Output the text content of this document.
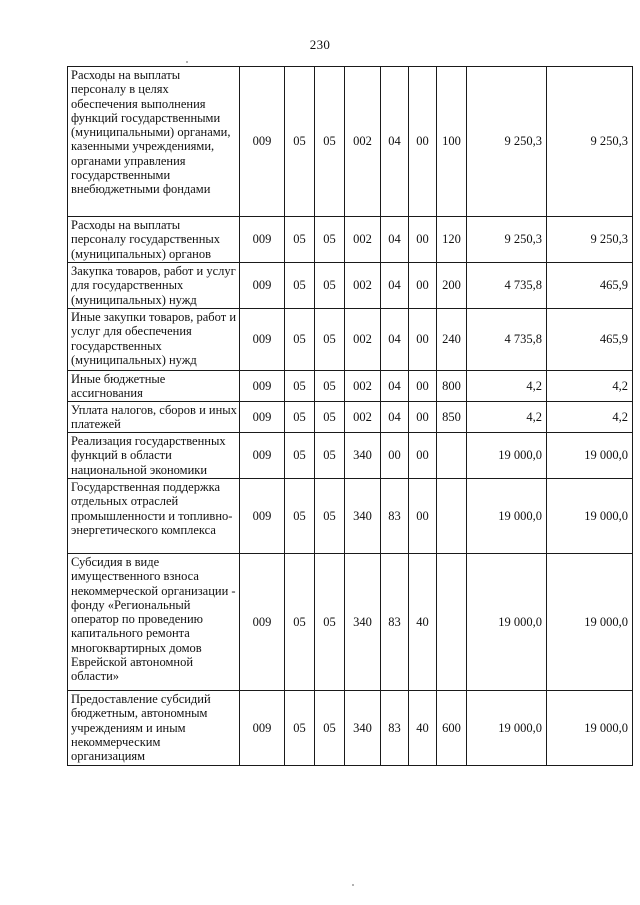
230
Расходы на выплаты персоналу в целях обеспечения выполнения функций государственными (муниципальными) органами, казенными учреждениями, органами управления государственными внебюджетными фондами	009	05	05	002	04	00	100	9 250,3	9 250,3
Расходы на выплаты персоналу государственных (муниципальных) органов	009	05	05	002	04	00	120	9 250,3	9 250,3
Закупка товаров, работ и услуг для государственных (муниципальных) нужд	009	05	05	002	04	00	200	4 735,8	465,9
Иные закупки товаров, работ и услуг для обеспечения государственных (муниципальных) нужд	009	05	05	002	04	00	240	4 735,8	465,9
Иные бюджетные ассигнования	009	05	05	002	04	00	800	4,2	4,2
Уплата налогов, сборов и иных платежей	009	05	05	002	04	00	850	4,2	4,2
Реализация государственных функций в области национальной экономики	009	05	05	340	00	00		19 000,0	19 000,0
Государственная поддержка отдельных отраслей промышленности и топливно-энергетического комплекса	009	05	05	340	83	00		19 000,0	19 000,0
Субсидия в виде имущественного взноса некоммерческой организации - фонду «Региональный оператор по проведению капитального ремонта многоквартирных домов Еврейской автономной области»	009	05	05	340	83	40		19 000,0	19 000,0
Предоставление субсидий бюджетным, автономным учреждениям и иным некоммерческим организациям	009	05	05	340	83	40	600	19 000,0	19 000,0
